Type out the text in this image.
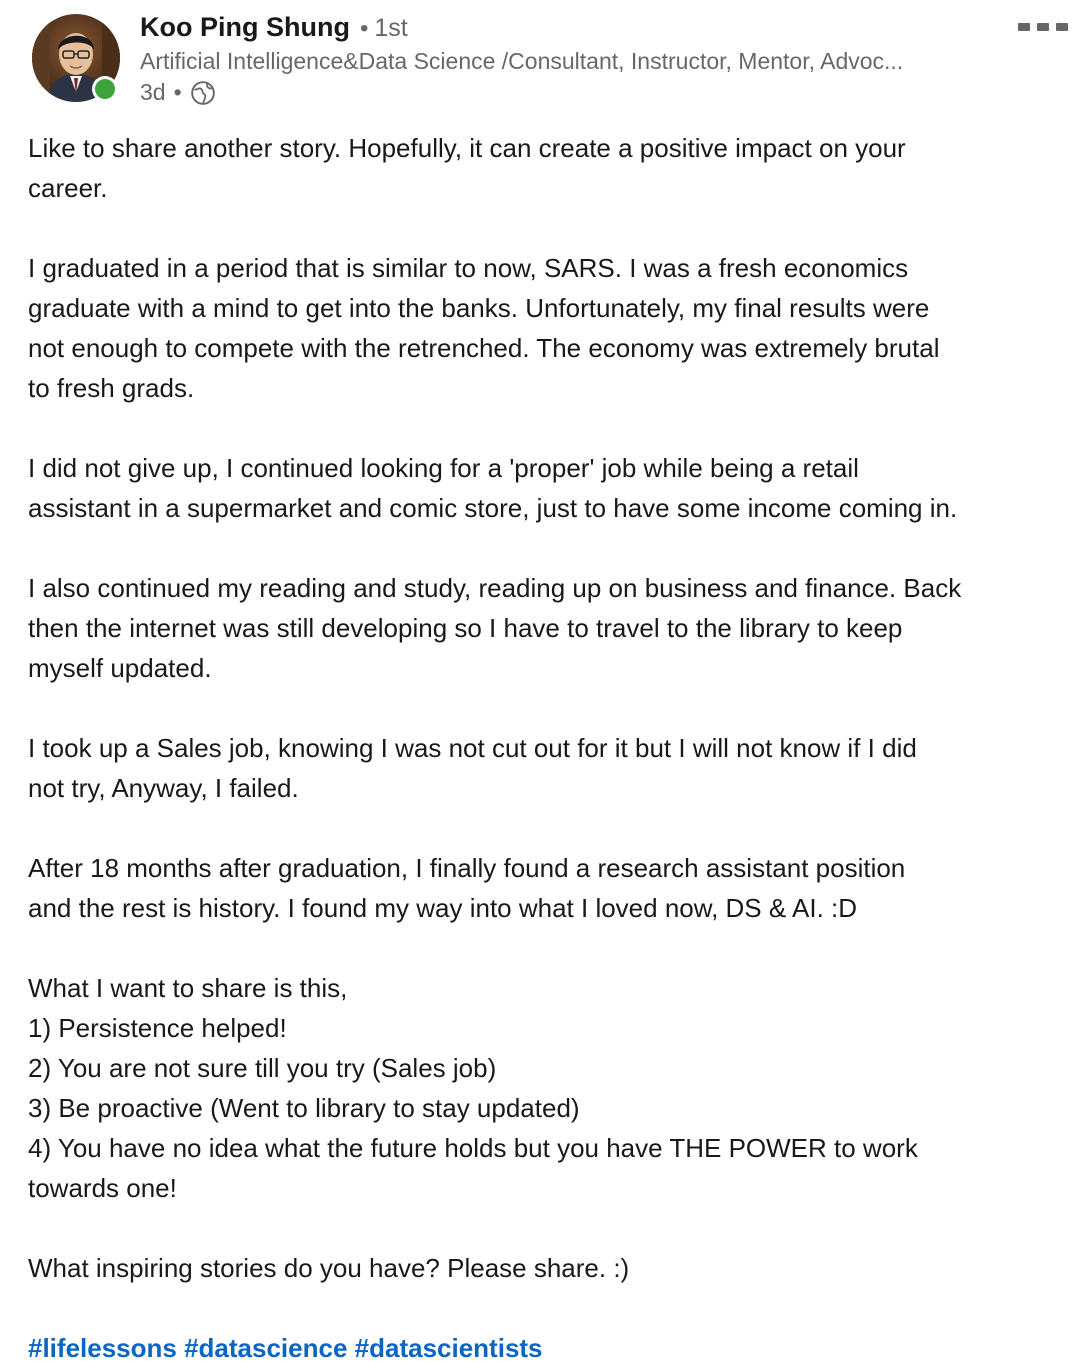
Koo Ping Shung • 1st
Artificial Intelligence&Data Science /Consultant, Instructor, Mentor, Advoc...
3d •
Like to share another story. Hopefully, it can create a positive impact on your
career.
I graduated in a period that is similar to now, SARS. I was a fresh economics
graduate with a mind to get into the banks. Unfortunately, my final results were
not enough to compete with the retrenched. The economy was extremely brutal
to fresh grads.
I did not give up, I continued looking for a 'proper' job while being a retail
assistant in a supermarket and comic store, just to have some income coming in.
I also continued my reading and study, reading up on business and finance. Back
then the internet was still developing so I have to travel to the library to keep
myself updated.
I took up a Sales job, knowing I was not cut out for it but I will not know if I did
not try, Anyway, I failed.
After 18 months after graduation, I finally found a research assistant position
and the rest is history. I found my way into what I loved now, DS & AI. :D
What I want to share is this,
1) Persistence helped!
2) You are not sure till you try (Sales job)
3) Be proactive (Went to library to stay updated)
4) You have no idea what the future holds but you have THE POWER to work
towards one!
What inspiring stories do you have? Please share. :)
#lifelessons #datascience #datascientists
